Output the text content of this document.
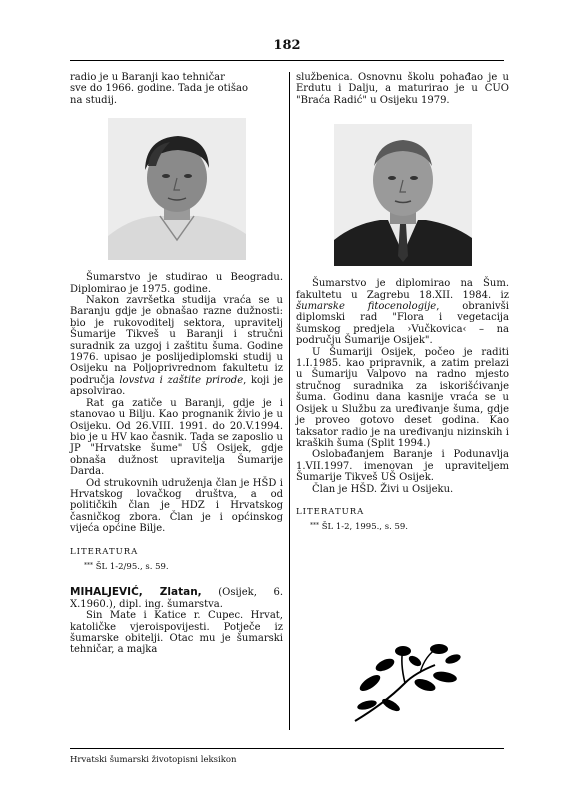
182

radio je u Baranji kao tehničar

sve do 1966. godine. Tada je otišao

na studij.

Šumarstvo je studirao u Beogradu. Diplomirao je 1975. godine.

Nakon završetka studija vraća se u Baranju gdje je obnašao razne dužnosti: bio je rukovoditelj sektora, upravitelj Šumarije Tikveš u Baranji i stručni suradnik za uzgoj i zaštitu šuma. Godine 1976. upisao je poslijediplomski studij u Osijeku na Poljoprivrednom fakultetu iz područja lovstva i zaštite prirode, koji je apsolvirao.

Rat ga zatiče u Baranji, gdje je i stanovao u Bilju. Kao prognanik živio je u Osijeku. Od 26.VIII. 1991. do 20.V.1994. bio je u HV kao časnik. Tada se zaposlio u JP "Hrvatske šume" UŠ Osijek, gdje obnaša dužnost upravitelja Šumarije Darda.

Od strukovnih udruženja član je HŠD i Hrvatskog lovačkog društva, a od političkih član je HDZ i Hrvatskog časničkog zbora. Član je i općinskog vijeća općine Bilje.

LITERATURA
*** ŠL 1-2/95., s. 59.

MIHALJEVIĆ, Zlatan, (Osijek, 6. X.1960.), dipl. ing. šumarstva.

Sin Mate i Katice r. Cupec. Hrvat, katoličke vjeroispovijesti. Potječe iz šumarske obitelji. Otac mu je šumarski tehničar, a majka

službenica. Osnovnu školu pohađao je u Erdutu i Dalju, a maturirao je u CUO "Braća Radić" u Osijeku 1979.

Šumarstvo je diplomirao na Šum. fakultetu u Zagrebu 18.XII. 1984. iz šumarske fitocenologije, obranivši diplomski rad "Flora i vegetacija šumskog predjela ›Vučkovica‹ – na području Šumarije Osijek".

U Šumariji Osijek, počeo je raditi 1.I.1985. kao pripravnik, a zatim prelazi u Šumariju Valpovo na radno mjesto stručnog suradnika za iskorišćivanje šuma. Godinu dana kasnije vraća se u Osijek u Službu za uređivanje šuma, gdje je proveo gotovo deset godina. Kao taksator radio je na uređivanju nizinskih i kraških šuma (Split 1994.)

Oslobađanjem Baranje i Podunavlja 1.VII.1997. imenovan je upraviteljem Šumarije Tikveš UŠ Osijek.

Član je HŠD. Živi u Osijeku.

LITERATURA
*** ŠL 1-2, 1995., s. 59.
Hrvatski šumarski životopisni leksikon
